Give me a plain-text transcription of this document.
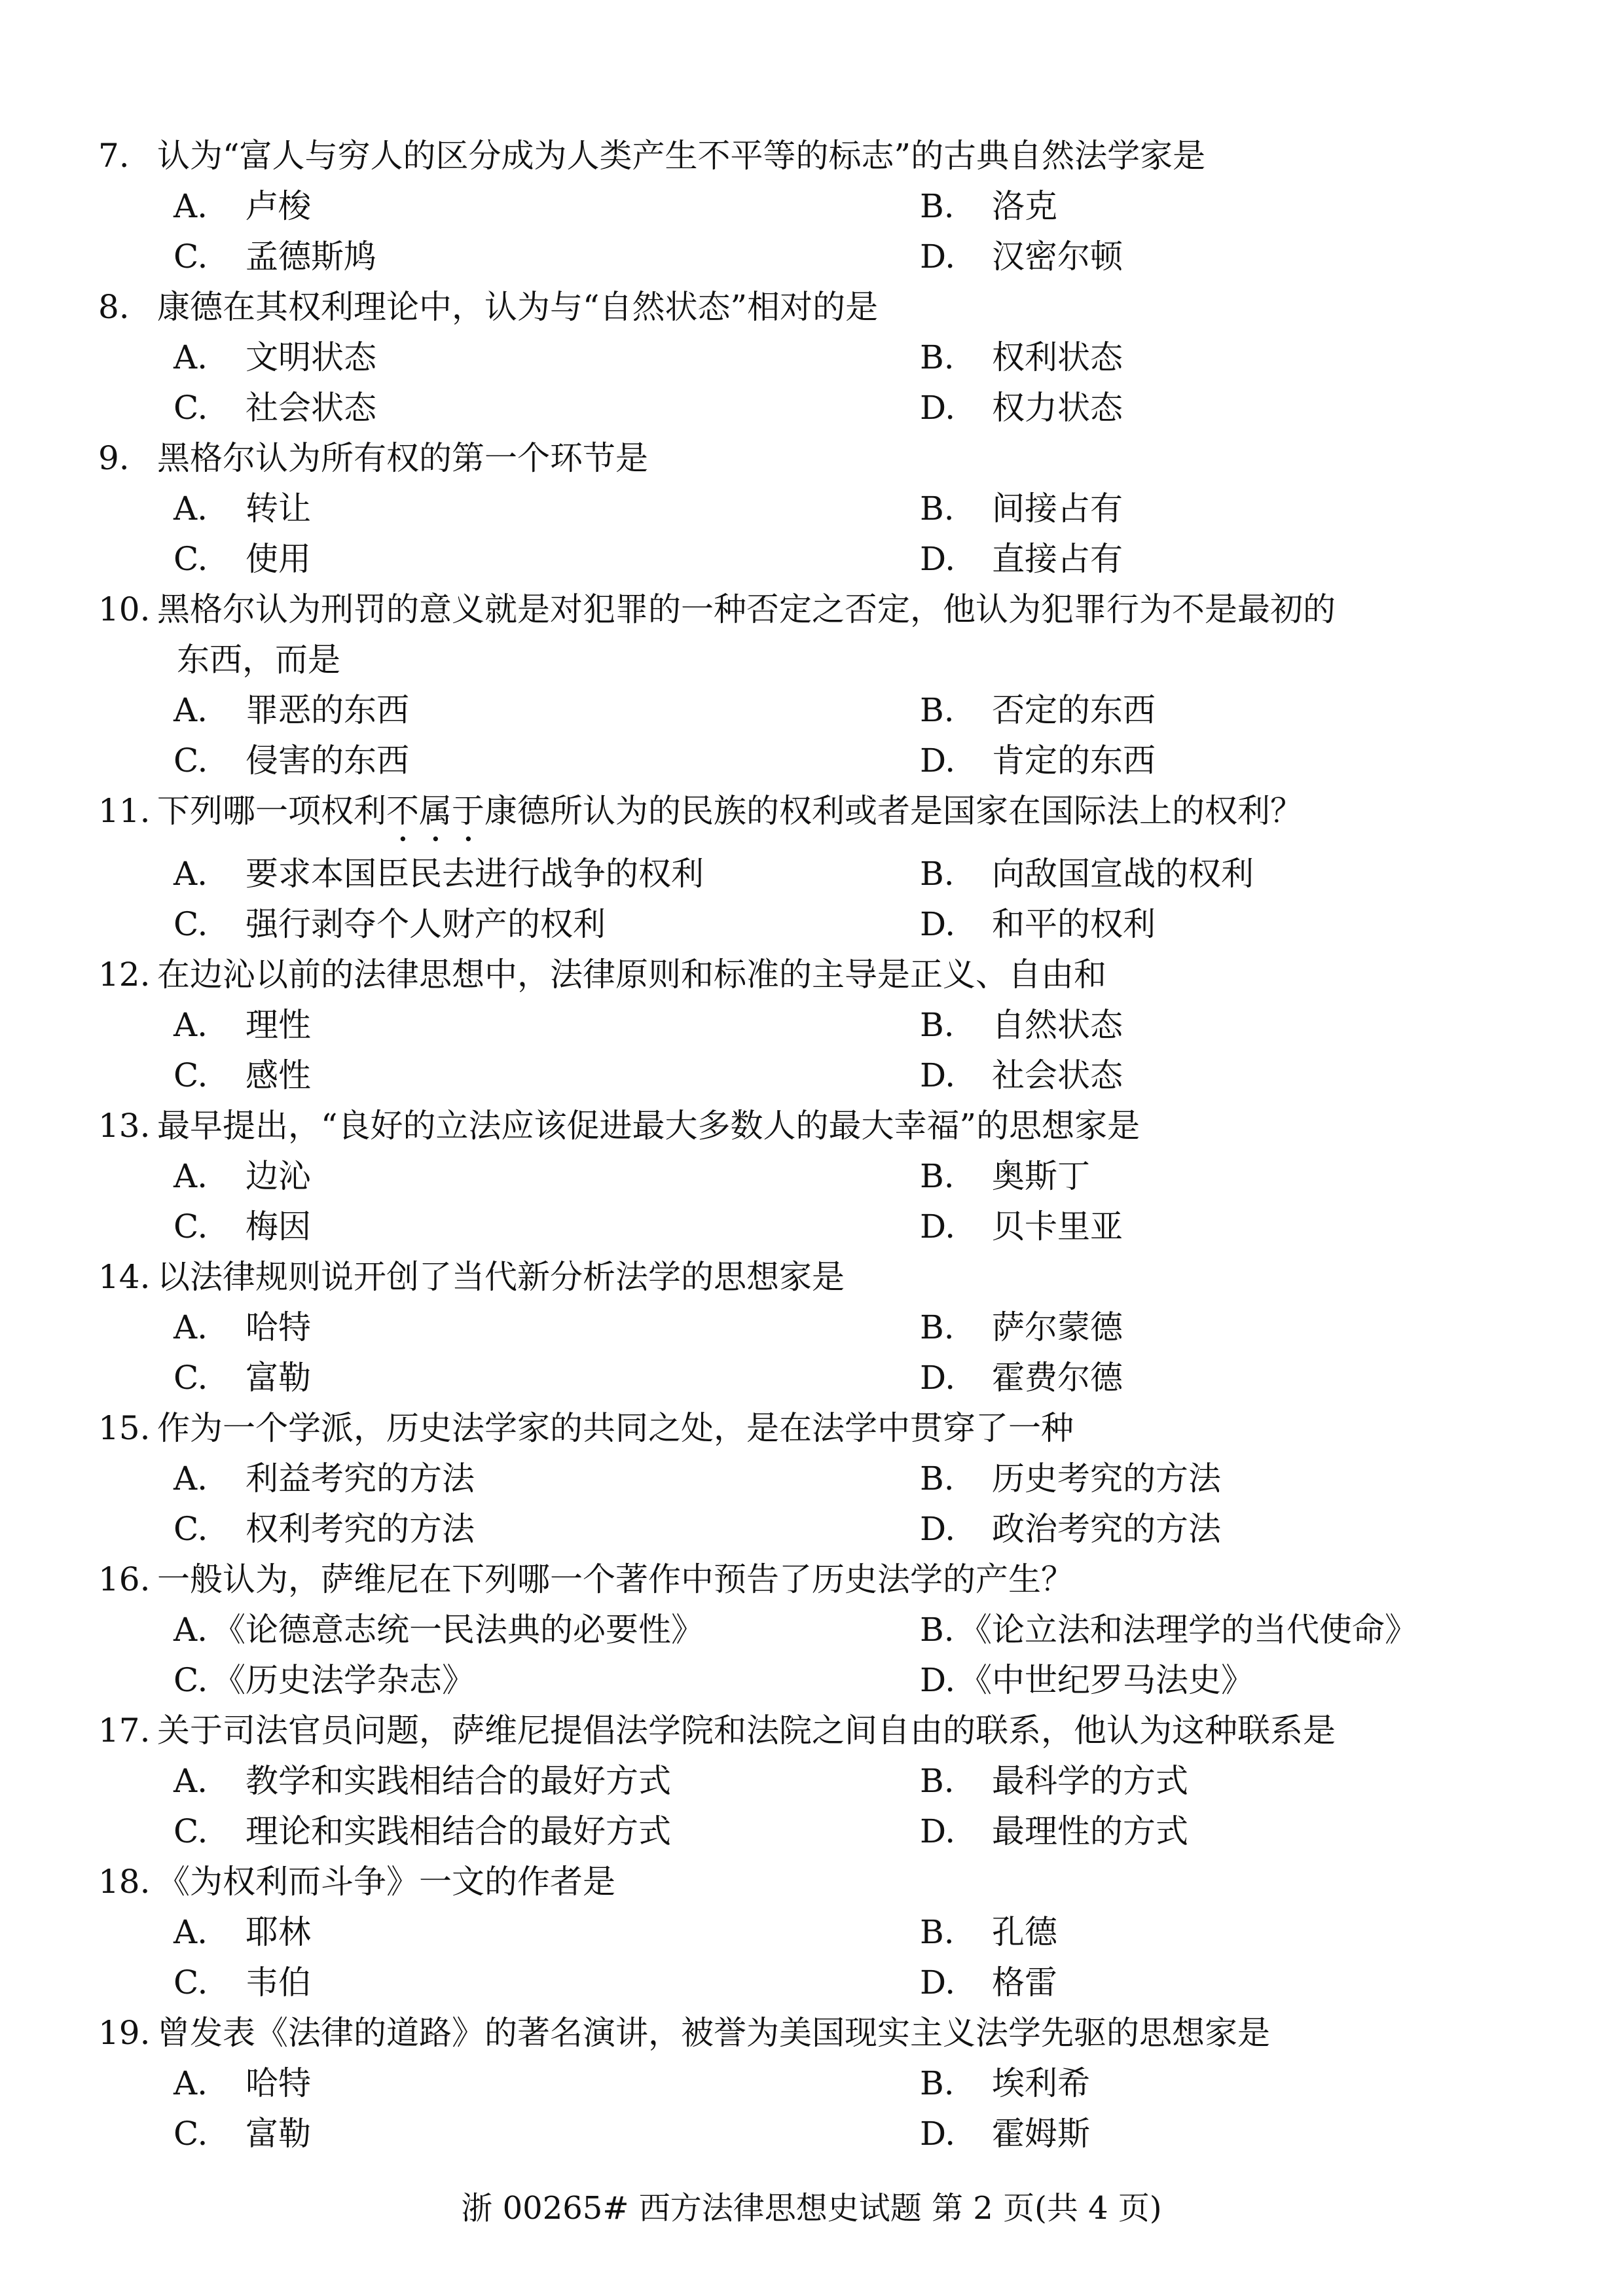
7. 认为“富人与穷人的区分成为人类产生不平等的标志”的古典自然法学家是
A.	卢梭	B.	洛克
C.	孟德斯鸠	D.	汉密尔顿
8. 康德在其权利理论中，认为与“自然状态”相对的是
A.	文明状态	B.	权利状态
C.	社会状态	D.	权力状态
9. 黑格尔认为所有权的第一个环节是
A.	转让	B.	间接占有
C.	使用	D.	直接占有
10. 黑格尔认为刑罚的意义就是对犯罪的一种否定之否定，他认为犯罪行为不是最初的
东西，而是
A.	罪恶的东西	B.	否定的东西
C.	侵害的东西	D.	肯定的东西
11. 下列哪一项权利不属于康德所认为的民族的权利或者是国家在国际法上的权利？
A.	要求本国臣民去进行战争的权利	B.	向敌国宣战的权利
C.	强行剥夺个人财产的权利	D.	和平的权利
12. 在边沁以前的法律思想中，法律原则和标准的主导是正义、自由和
A.	理性	B.	自然状态
C.	感性	D.	社会状态
13. 最早提出，“良好的立法应该促进最大多数人的最大幸福”的思想家是
A.	边沁	B.	奥斯丁
C.	梅因	D.	贝卡里亚
14. 以法律规则说开创了当代新分析法学的思想家是
A.	哈特	B.	萨尔蒙德
C.	富勒	D.	霍费尔德
15. 作为一个学派，历史法学家的共同之处，是在法学中贯穿了一种
A.	利益考究的方法	B.	历史考究的方法
C.	权利考究的方法	D.	政治考究的方法
16. 一般认为，萨维尼在下列哪一个著作中预告了历史法学的产生？
A. 《论德意志统一民法典的必要性》	B. 《论立法和法理学的当代使命》
C. 《历史法学杂志》	D. 《中世纪罗马法史》
17. 关于司法官员问题，萨维尼提倡法学院和法院之间自由的联系，他认为这种联系是
A.	教学和实践相结合的最好方式	B.	最科学的方式
C.	理论和实践相结合的最好方式	D.	最理性的方式
18. 《为权利而斗争》一文的作者是
A.	耶林	B.	孔德
C.	韦伯	D.	格雷
19. 曾发表《法律的道路》的著名演讲，被誉为美国现实主义法学先驱的思想家是
A.	哈特	B.	埃利希
C.	富勒	D.	霍姆斯
浙 00265# 西方法律思想史试题 第 2 页(共 4 页)
